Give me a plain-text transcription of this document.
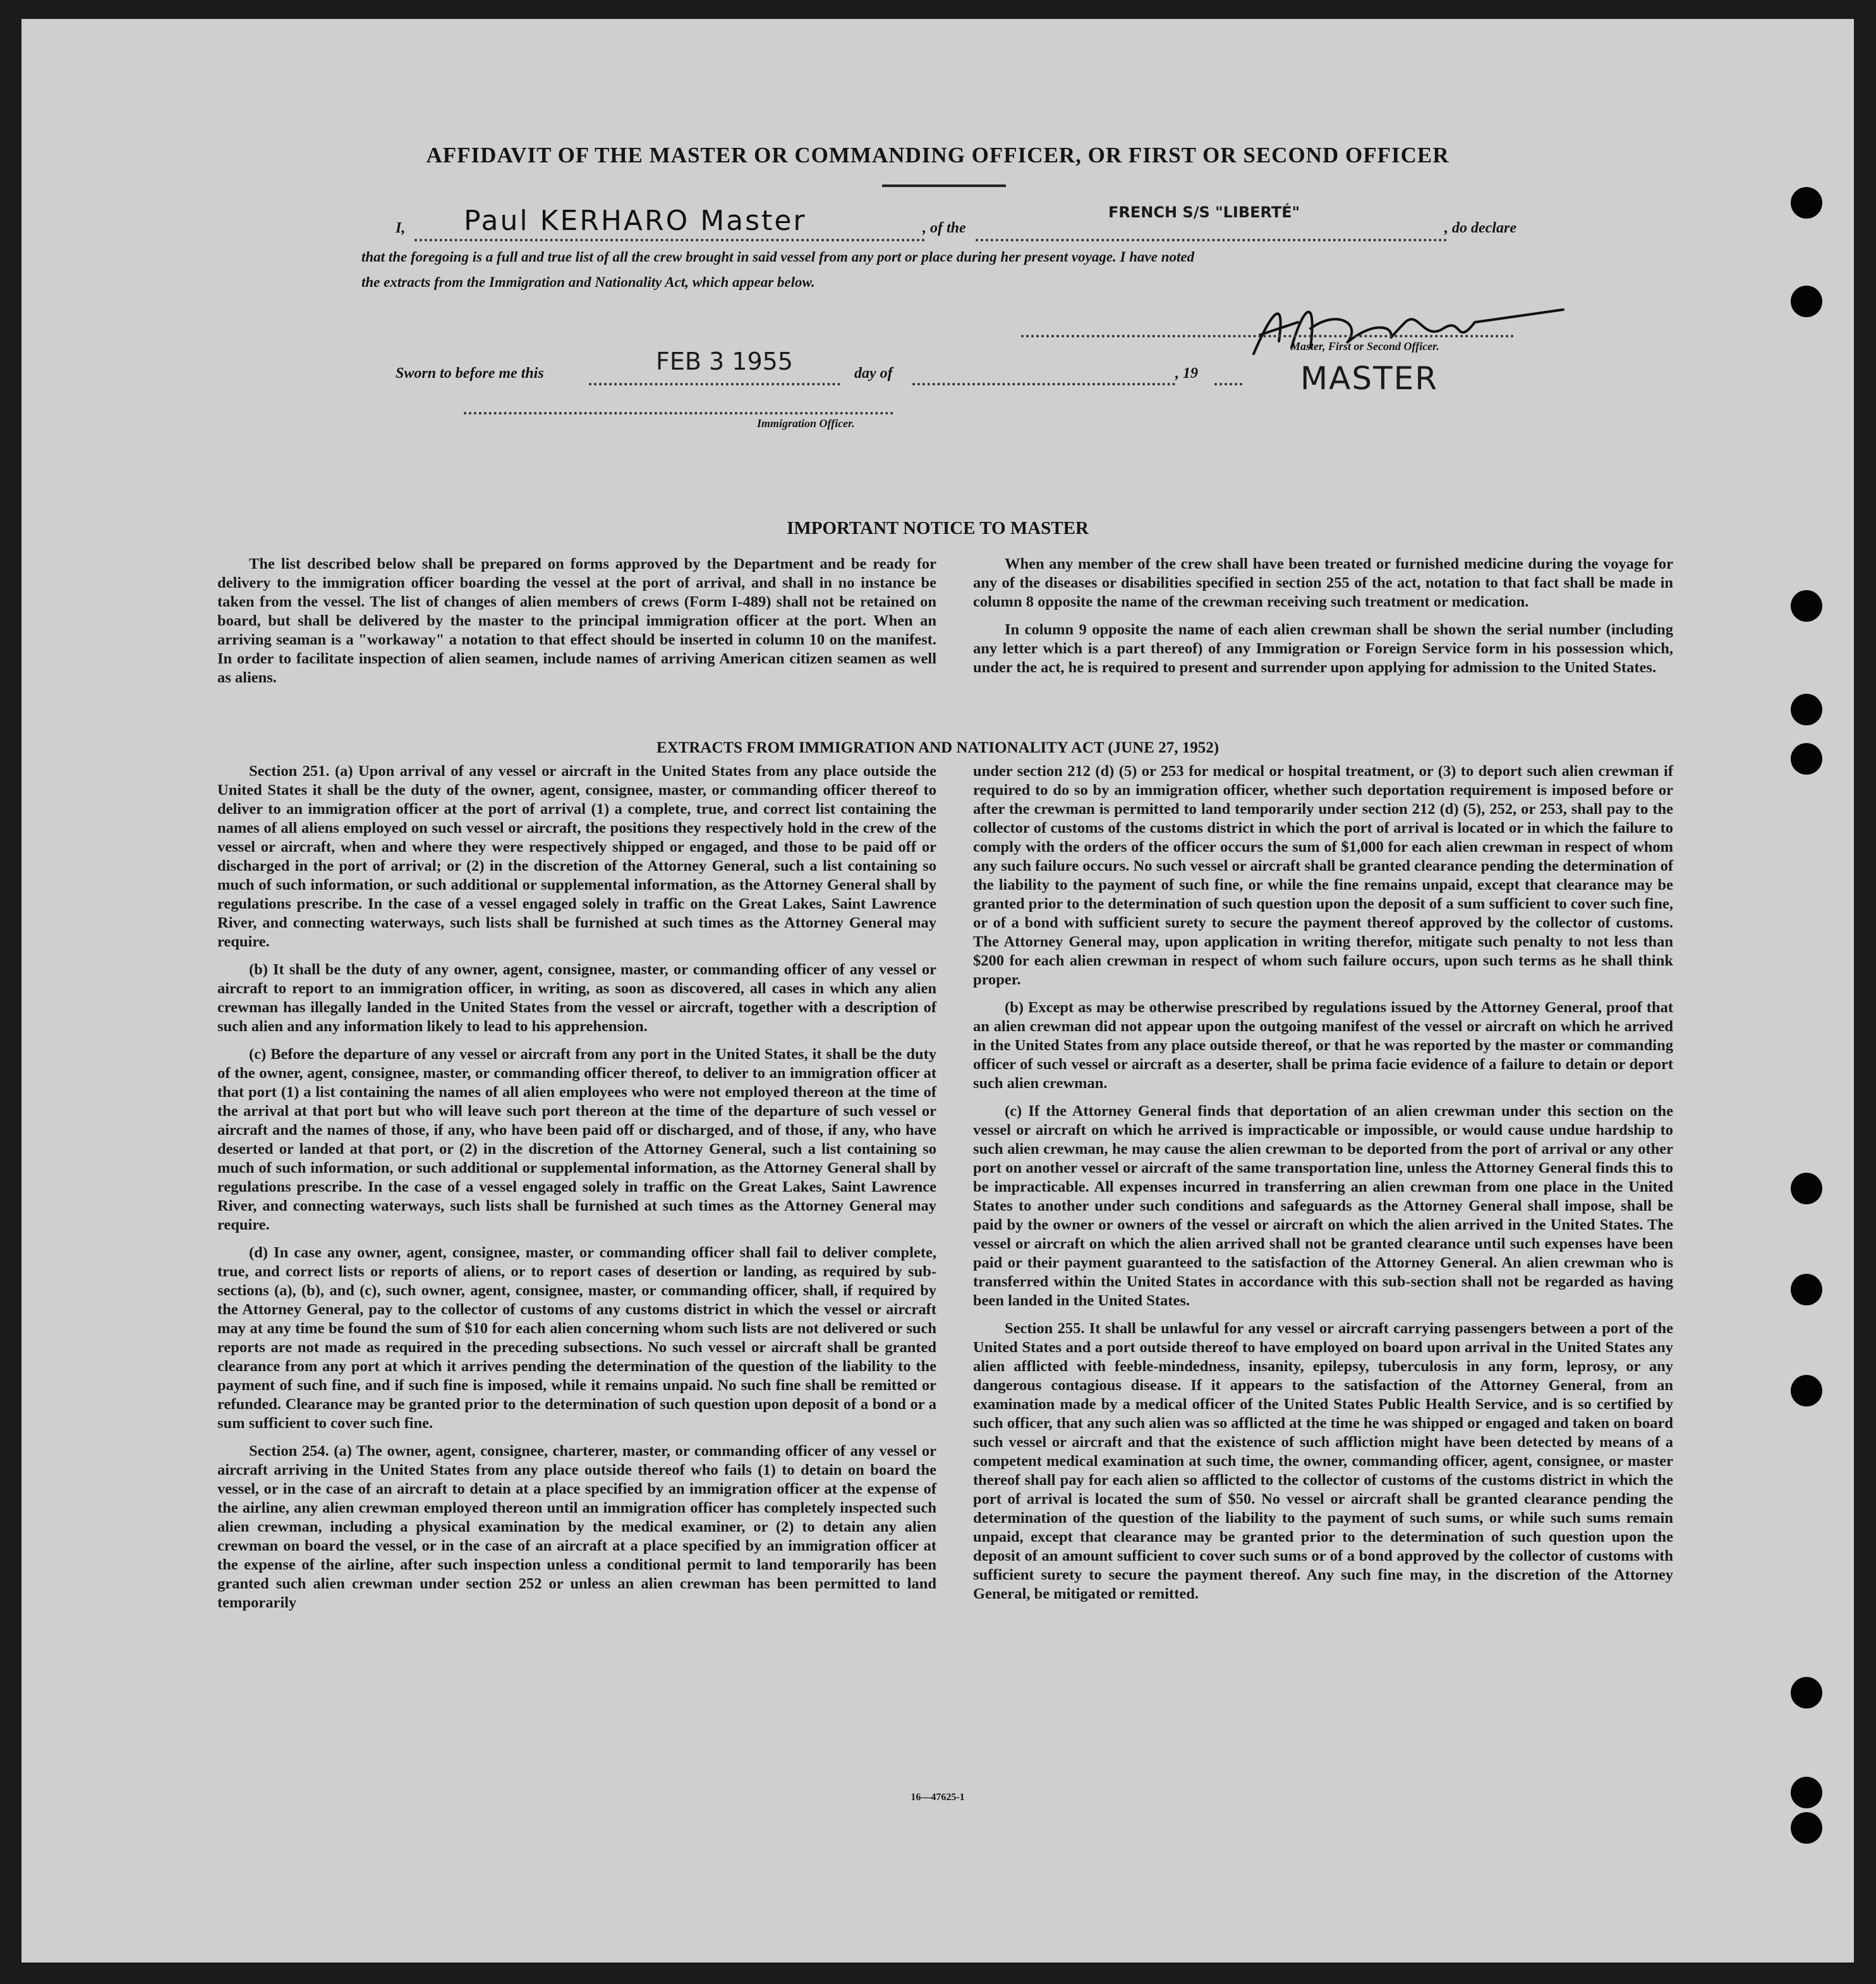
AFFIDAVIT OF THE MASTER OR COMMANDING OFFICER, OR FIRST OR SECOND OFFICER
I, Paul KERHARO Master	, of the
FRENCH S/S "LIBERTÉ"
, do declare
that the foregoing is a full and true list of all the crew brought in said vessel from any port or place during her present voyage. I have noted
the extracts from the Immigration and Nationality Act, which appear below.
Master, First or Second Officer.
MASTER
Sworn to before me this	FEB 3 1955	day of	, 19
Immigration Officer.
IMPORTANT NOTICE TO MASTER

The list described below shall be prepared on forms approved by the Department and be ready for delivery to the immigration officer boarding the vessel at the port of arrival, and shall in no instance be taken from the vessel. The list of changes of alien members of crews (Form I-489) shall not be retained on board, but shall be delivered by the master to the principal immigration officer at the port. When an arriving seaman is a "workaway" a notation to that effect should be inserted in column 10 on the manifest. In order to facilitate inspection of alien seamen, include names of arriving American citizen seamen as well as aliens.

When any member of the crew shall have been treated or furnished medicine during the voyage for any of the diseases or disabilities specified in section 255 of the act, notation to that fact shall be made in column 8 opposite the name of the crewman receiving such treatment or medication.

In column 9 opposite the name of each alien crewman shall be shown the serial number (including any letter which is a part thereof) of any Immigration or Foreign Service form in his possession which, under the act, he is required to present and surrender upon applying for admission to the United States.

EXTRACTS FROM IMMIGRATION AND NATIONALITY ACT (JUNE 27, 1952)

Section 251. (a) Upon arrival of any vessel or aircraft in the United States from any place outside the United States it shall be the duty of the owner, agent, consignee, master, or commanding officer thereof to deliver to an immigration officer at the port of arrival (1) a complete, true, and correct list containing the names of all aliens employed on such vessel or aircraft, the positions they respectively hold in the crew of the vessel or aircraft, when and where they were respectively shipped or engaged, and those to be paid off or discharged in the port of arrival; or (2) in the discretion of the Attorney General, such a list containing so much of such information, or such additional or supplemental information, as the Attorney General shall by regulations prescribe. In the case of a vessel engaged solely in traffic on the Great Lakes, Saint Lawrence River, and connecting waterways, such lists shall be furnished at such times as the Attorney General may require.

(b) It shall be the duty of any owner, agent, consignee, master, or commanding officer of any vessel or aircraft to report to an immigration officer, in writing, as soon as discovered, all cases in which any alien crewman has illegally landed in the United States from the vessel or aircraft, together with a description of such alien and any information likely to lead to his apprehension.

(c) Before the departure of any vessel or aircraft from any port in the United States, it shall be the duty of the owner, agent, consignee, master, or commanding officer thereof, to deliver to an immigration officer at that port (1) a list containing the names of all alien employees who were not employed thereon at the time of the arrival at that port but who will leave such port thereon at the time of the departure of such vessel or aircraft and the names of those, if any, who have been paid off or discharged, and of those, if any, who have deserted or landed at that port, or (2) in the discretion of the Attorney General, such a list containing so much of such information, or such additional or supplemental information, as the Attorney General shall by regulations prescribe. In the case of a vessel engaged solely in traffic on the Great Lakes, Saint Lawrence River, and connecting waterways, such lists shall be furnished at such times as the Attorney General may require.

(d) In case any owner, agent, consignee, master, or commanding officer shall fail to deliver complete, true, and correct lists or reports of aliens, or to report cases of desertion or landing, as required by sub-sections (a), (b), and (c), such owner, agent, consignee, master, or commanding officer, shall, if required by the Attorney General, pay to the collector of customs of any customs district in which the vessel or aircraft may at any time be found the sum of $10 for each alien concerning whom such lists are not delivered or such reports are not made as required in the preceding subsections. No such vessel or aircraft shall be granted clearance from any port at which it arrives pending the determination of the question of the liability to the payment of such fine, and if such fine is imposed, while it remains unpaid. No such fine shall be remitted or refunded. Clearance may be granted prior to the determination of such question upon deposit of a bond or a sum sufficient to cover such fine.

Section 254. (a) The owner, agent, consignee, charterer, master, or commanding officer of any vessel or aircraft arriving in the United States from any place outside thereof who fails (1) to detain on board the vessel, or in the case of an aircraft to detain at a place specified by an immigration officer at the expense of the airline, any alien crewman employed thereon until an immigration officer has completely inspected such alien crewman, including a physical examination by the medical examiner, or (2) to detain any alien crewman on board the vessel, or in the case of an aircraft at a place specified by an immigration officer at the expense of the airline, after such inspection unless a conditional permit to land temporarily has been granted such alien crewman under section 252 or unless an alien crewman has been permitted to land temporarily

under section 212 (d) (5) or 253 for medical or hospital treatment, or (3) to deport such alien crewman if required to do so by an immigration officer, whether such deportation requirement is imposed before or after the crewman is permitted to land temporarily under section 212 (d) (5), 252, or 253, shall pay to the collector of customs of the customs district in which the port of arrival is located or in which the failure to comply with the orders of the officer occurs the sum of $1,000 for each alien crewman in respect of whom any such failure occurs. No such vessel or aircraft shall be granted clearance pending the determination of the liability to the payment of such fine, or while the fine remains unpaid, except that clearance may be granted prior to the determination of such question upon the deposit of a sum sufficient to cover such fine, or of a bond with sufficient surety to secure the payment thereof approved by the collector of customs. The Attorney General may, upon application in writing therefor, mitigate such penalty to not less than $200 for each alien crewman in respect of whom such failure occurs, upon such terms as he shall think proper.

(b) Except as may be otherwise prescribed by regulations issued by the Attorney General, proof that an alien crewman did not appear upon the outgoing manifest of the vessel or aircraft on which he arrived in the United States from any place outside thereof, or that he was reported by the master or commanding officer of such vessel or aircraft as a deserter, shall be prima facie evidence of a failure to detain or deport such alien crewman.

(c) If the Attorney General finds that deportation of an alien crewman under this section on the vessel or aircraft on which he arrived is impracticable or impossible, or would cause undue hardship to such alien crewman, he may cause the alien crewman to be deported from the port of arrival or any other port on another vessel or aircraft of the same transportation line, unless the Attorney General finds this to be impracticable. All expenses incurred in transferring an alien crewman from one place in the United States to another under such conditions and safeguards as the Attorney General shall impose, shall be paid by the owner or owners of the vessel or aircraft on which the alien arrived in the United States. The vessel or aircraft on which the alien arrived shall not be granted clearance until such expenses have been paid or their payment guaranteed to the satisfaction of the Attorney General. An alien crewman who is transferred within the United States in accordance with this sub-section shall not be regarded as having been landed in the United States.

Section 255. It shall be unlawful for any vessel or aircraft carrying passengers between a port of the United States and a port outside thereof to have employed on board upon arrival in the United States any alien afflicted with feeble-mindedness, insanity, epilepsy, tuberculosis in any form, leprosy, or any dangerous contagious disease. If it appears to the satisfaction of the Attorney General, from an examination made by a medical officer of the United States Public Health Service, and is so certified by such officer, that any such alien was so afflicted at the time he was shipped or engaged and taken on board such vessel or aircraft and that the existence of such affliction might have been detected by means of a competent medical examination at such time, the owner, commanding officer, agent, consignee, or master thereof shall pay for each alien so afflicted to the collector of customs of the customs district in which the port of arrival is located the sum of $50. No vessel or aircraft shall be granted clearance pending the determination of the question of the liability to the payment of such sums, or while such sums remain unpaid, except that clearance may be granted prior to the determination of such question upon the deposit of an amount sufficient to cover such sums or of a bond approved by the collector of customs with sufficient surety to secure the payment thereof. Any such fine may, in the discretion of the Attorney General, be mitigated or remitted.

16—47625-1
